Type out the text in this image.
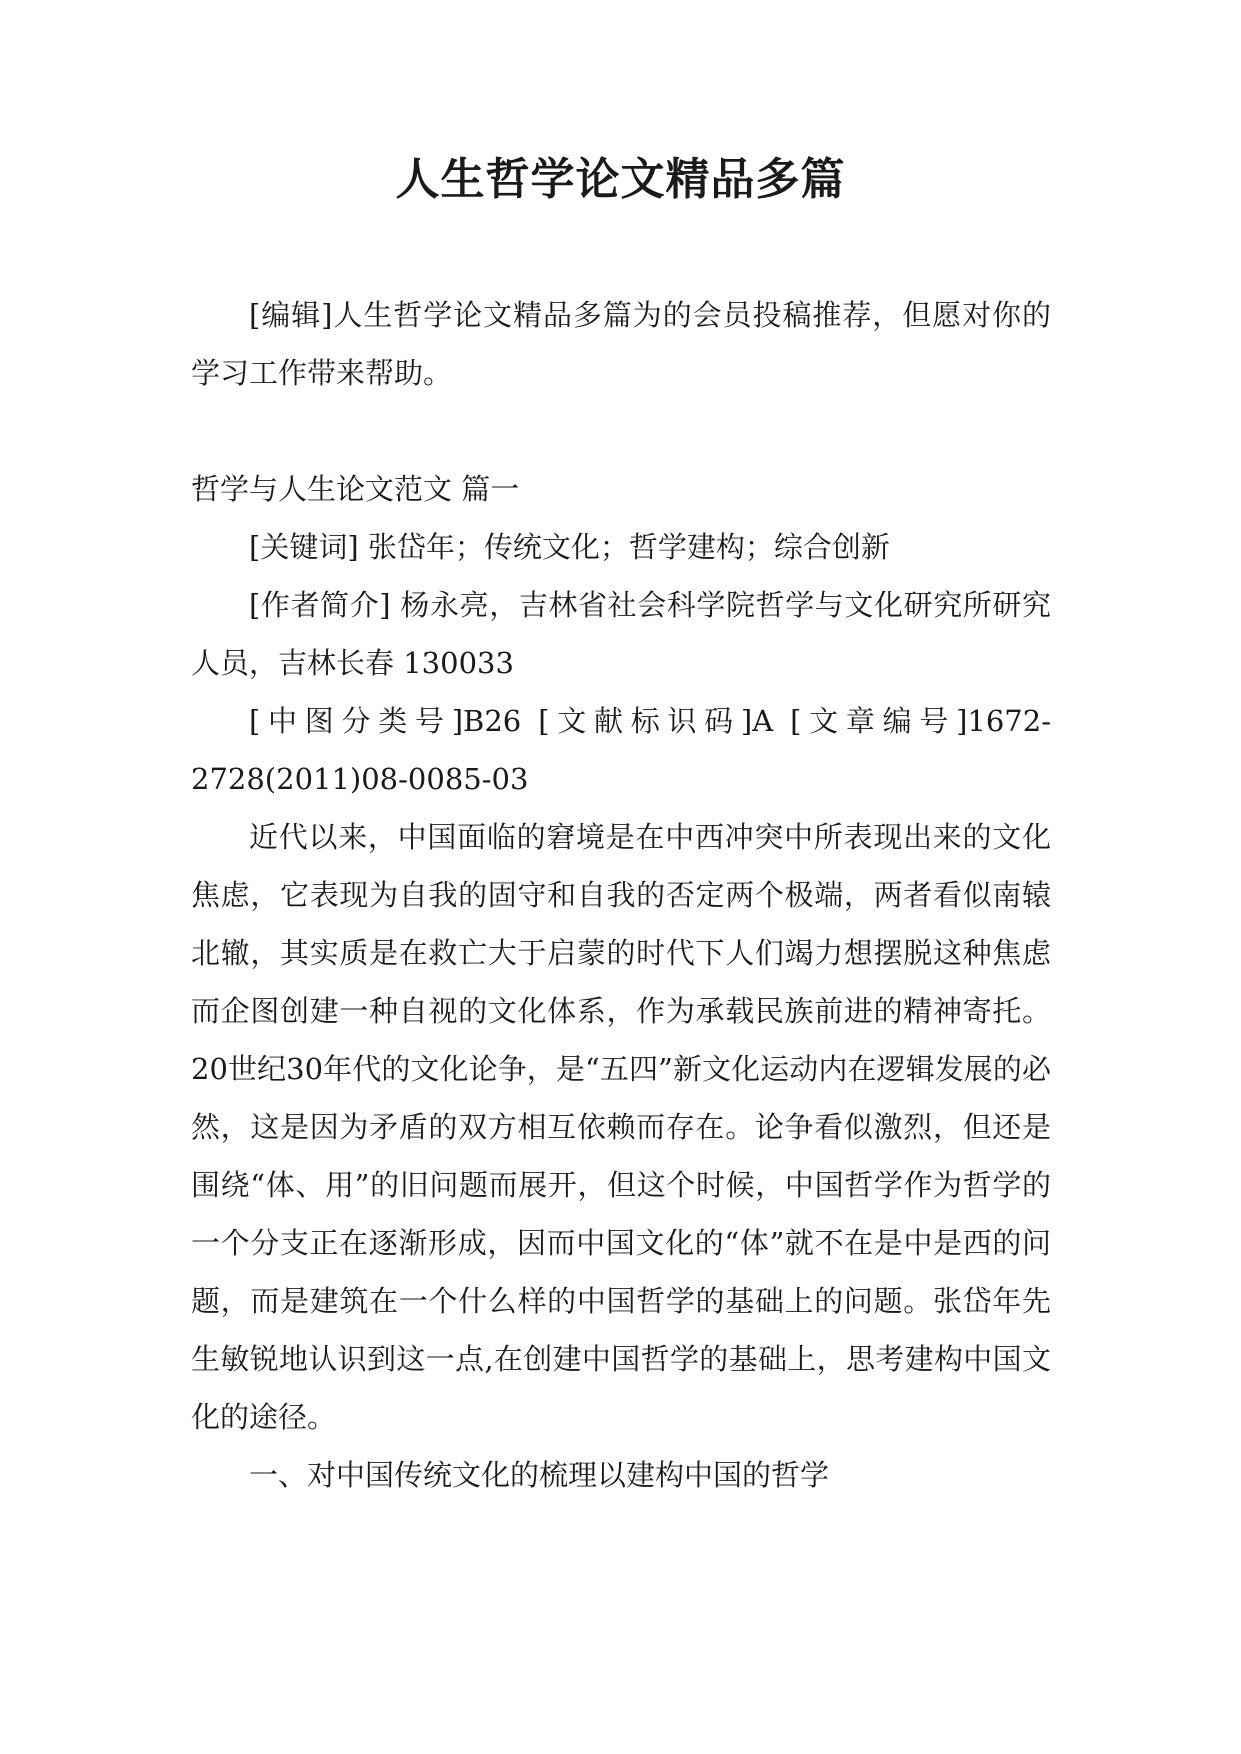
人生哲学论文精品多篇

[编辑]人生哲学论文精品多篇为的会员投稿推荐，但愿对你的学习工作带来帮助。

哲学与人生论文范文 篇一

[关键词] 张岱年；传统文化；哲学建构；综合创新

[作者简介] 杨永亮，吉林省社会科学院哲学与文化研究所研究人员，吉林长春 130033

[中图分类号]B26 [文献标识码]A [文章编号]1672-2728(2011)08-0085-03

近代以来，中国面临的窘境是在中西冲突中所表现出来的文化焦虑，它表现为自我的固守和自我的否定两个极端，两者看似南辕北辙，其实质是在救亡大于启蒙的时代下人们竭力想摆脱这种焦虑而企图创建一种自视的文化体系，作为承载民族前进的精神寄托。20世纪30年代的文化论争，是“五四”新文化运动内在逻辑发展的必然，这是因为矛盾的双方相互依赖而存在。论争看似激烈，但还是围绕“体、用”的旧问题而展开，但这个时候，中国哲学作为哲学的一个分支正在逐渐形成，因而中国文化的“体”就不在是中是西的问题，而是建筑在一个什么样的中国哲学的基础上的问题。张岱年先生敏锐地认识到这一点,在创建中国哲学的基础上，思考建构中国文化的途径。

一、对中国传统文化的梳理以建构中国的哲学
